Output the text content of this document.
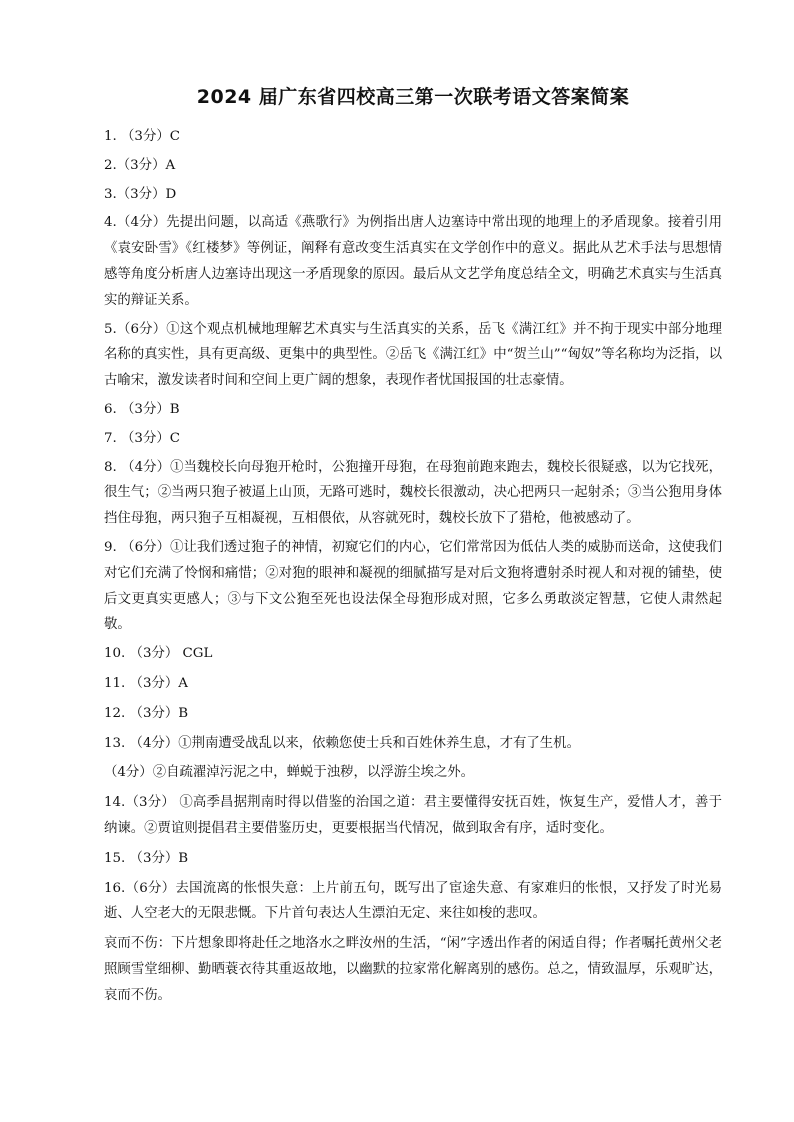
2024 届广东省四校高三第一次联考语文答案简案

1. （3分）C

2.（3分）A

3.（3分）D

4.（4分）先提出问题，以高适《燕歌行》为例指出唐人边塞诗中常出现的地理上的矛盾现象。接着引用《袁安卧雪》《红楼梦》等例证，阐释有意改变生活真实在文学创作中的意义。据此从艺术手法与思想情感等角度分析唐人边塞诗出现这一矛盾现象的原因。最后从文艺学角度总结全文，明确艺术真实与生活真实的辩证关系。

5.（6分）①这个观点机械地理解艺术真实与生活真实的关系，岳飞《满江红》并不拘于现实中部分地理名称的真实性，具有更高级、更集中的典型性。②岳飞《满江红》中“贺兰山”“匈奴”等名称均为泛指，以古喻宋，激发读者时间和空间上更广阔的想象，表现作者忧国报国的壮志豪情。

6. （3分）B

7. （3分）C

8. （4分）①当魏校长向母狍开枪时，公狍撞开母狍，在母狍前跑来跑去，魏校长很疑惑，以为它找死，很生气；②当两只狍子被逼上山顶，无路可逃时，魏校长很激动，决心把两只一起射杀；③当公狍用身体挡住母狍，两只狍子互相凝视，互相偎依，从容就死时，魏校长放下了猎枪，他被感动了。

9. （6分）①让我们透过狍子的神情，初窥它们的内心，它们常常因为低估人类的威胁而送命，这使我们对它们充满了怜悯和痛惜；②对狍的眼神和凝视的细腻描写是对后文狍将遭射杀时视人和对视的铺垫，使后文更真实更感人；③与下文公狍至死也设法保全母狍形成对照，它多么勇敢淡定智慧，它使人肃然起敬。

10. （3分） CGL

11. （3分）A

12. （3分）B

13. （4分）①荆南遭受战乱以来，依赖您使士兵和百姓休养生息，才有了生机。

（4分）②自疏濯淖污泥之中，蝉蜕于浊秽，以浮游尘埃之外。

14.（3分） ①高季昌据荆南时得以借鉴的治国之道：君主要懂得安抚百姓，恢复生产，爱惜人才，善于纳谏。②贾谊则提倡君主要借鉴历史，更要根据当代情况，做到取舍有序，适时变化。

15. （3分）B

16.（6分）去国流离的怅恨失意：上片前五句，既写出了宦途失意、有家难归的怅恨，又抒发了时光易逝、人空老大的无限悲慨。下片首句表达人生漂泊无定、来往如梭的悲叹。

哀而不伤：下片想象即将赴任之地洛水之畔汝州的生活，“闲”字透出作者的闲适自得；作者嘱托黄州父老照顾雪堂细柳、勤晒蓑衣待其重返故地，以幽默的拉家常化解离别的感伤。总之，情致温厚，乐观旷达，哀而不伤。
